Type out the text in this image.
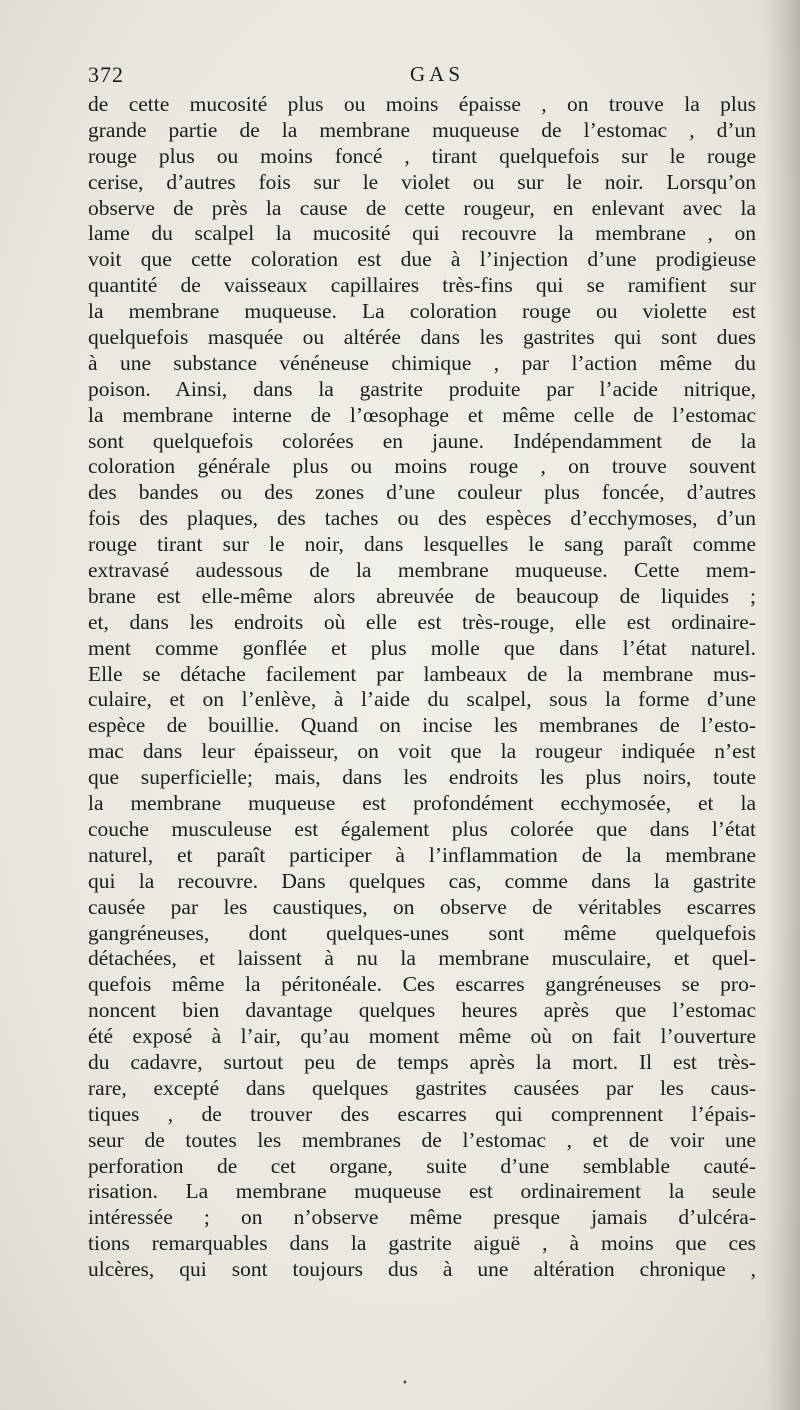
372	GAS
de cette mucosité plus ou moins épaisse , on trouve la plus
grande partie de la membrane muqueuse de l’estomac , d’un
rouge plus ou moins foncé , tirant quelquefois sur le rouge
cerise, d’autres fois sur le violet ou sur le noir. Lorsqu’on
observe de près la cause de cette rougeur, en enlevant avec la
lame du scalpel la mucosité qui recouvre la membrane , on
voit que cette coloration est due à l’injection d’une prodigieuse
quantité de vaisseaux capillaires très-fins qui se ramifient sur
la membrane muqueuse. La coloration rouge ou violette est
quelquefois masquée ou altérée dans les gastrites qui sont dues
à une substance vénéneuse chimique , par l’action même du
poison. Ainsi, dans la gastrite produite par l’acide nitrique,
la membrane interne de l’œsophage et même celle de l’estomac
sont quelquefois colorées en jaune. Indépendamment de la
coloration générale plus ou moins rouge , on trouve souvent
des bandes ou des zones d’une couleur plus foncée, d’autres
fois des plaques, des taches ou des espèces d’ecchymoses, d’un
rouge tirant sur le noir, dans lesquelles le sang paraît comme
extravasé audessous de la membrane muqueuse. Cette mem-
brane est elle-même alors abreuvée de beaucoup de liquides ;
et, dans les endroits où elle est très-rouge, elle est ordinaire-
ment comme gonflée et plus molle que dans l’état naturel.
Elle se détache facilement par lambeaux de la membrane mus-
culaire, et on l’enlève, à l’aide du scalpel, sous la forme d’une
espèce de bouillie. Quand on incise les membranes de l’esto-
mac dans leur épaisseur, on voit que la rougeur indiquée n’est
que superficielle; mais, dans les endroits les plus noirs, toute
la membrane muqueuse est profondément ecchymosée, et la
couche musculeuse est également plus colorée que dans l’état
naturel, et paraît participer à l’inflammation de la membrane
qui la recouvre. Dans quelques cas, comme dans la gastrite
causée par les caustiques, on observe de véritables escarres
gangréneuses, dont quelques-unes sont même quelquefois
détachées, et laissent à nu la membrane musculaire, et quel-
quefois même la péritonéale. Ces escarres gangréneuses se pro-
noncent bien davantage quelques heures après que l’estomac
été exposé à l’air, qu’au moment même où on fait l’ouverture
du cadavre, surtout peu de temps après la mort. Il est très-
rare, excepté dans quelques gastrites causées par les caus-
tiques , de trouver des escarres qui comprennent l’épais-
seur de toutes les membranes de l’estomac , et de voir une
perforation de cet organe, suite d’une semblable cauté-
risation. La membrane muqueuse est ordinairement la seule
intéressée ; on n’observe même presque jamais d’ulcéra-
tions remarquables dans la gastrite aiguë , à moins que ces
ulcères, qui sont toujours dus à une altération chronique ,
•
